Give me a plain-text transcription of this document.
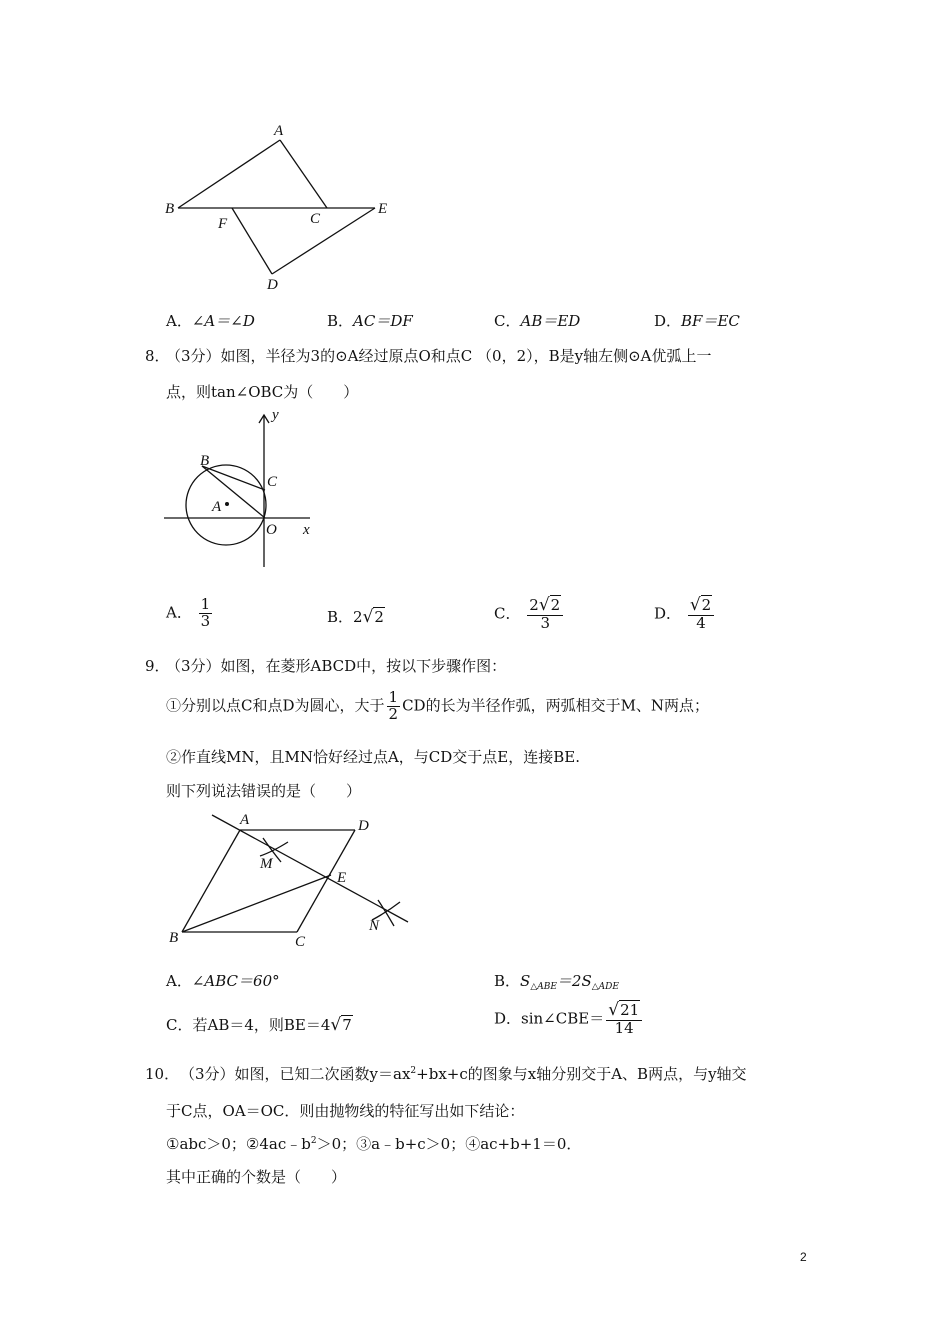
A
B
F	C
E
D
A．∠A＝∠D	B．AC＝DF	C．AB＝ED	D．BF＝EC
8．
（3分）如图，半径为3的⊙A经过原点O和点C （0，2），B是y轴左侧⊙A优弧上一
点，则tan∠OBC为（　　）
y
B
C
A
O x
A． $\frac{1}{3}$	B．2√2	C． $\frac{2√2}{3}$	D． $\frac{√2}{4}$
9．
（3分）如图，在菱形ABCD中，按以下步骤作图：
①分别以点C和点D为圆心，大于 $\frac{1}{2}$ CD的长为半径作弧，两弧相交于M、N两点；
②作直线MN，且MN恰好经过点A，与CD交于点E，连接BE.
则下列说法错误的是（　　）
A	D
M
E
N
B	C
A．∠ABC＝60°	B．$S_{\triangle ABE}=2S_{\triangle ADE}$
C．若AB＝4，则BE＝4√7	D．sin∠CBE＝ $\frac{√21}{14}$
10． （3分）如图，已知二次函数$y=ax^2+bx+c$的图象与x轴分别交于A、B两点，与y轴交
于C点，OA＝OC．则由抛物线的特征写出如下结论：
①abc＞0；$②4ac﹣b^2>0$；③a﹣b+c＞0；④ac+b+1＝0．
其中正确的个数是（　　）
2
